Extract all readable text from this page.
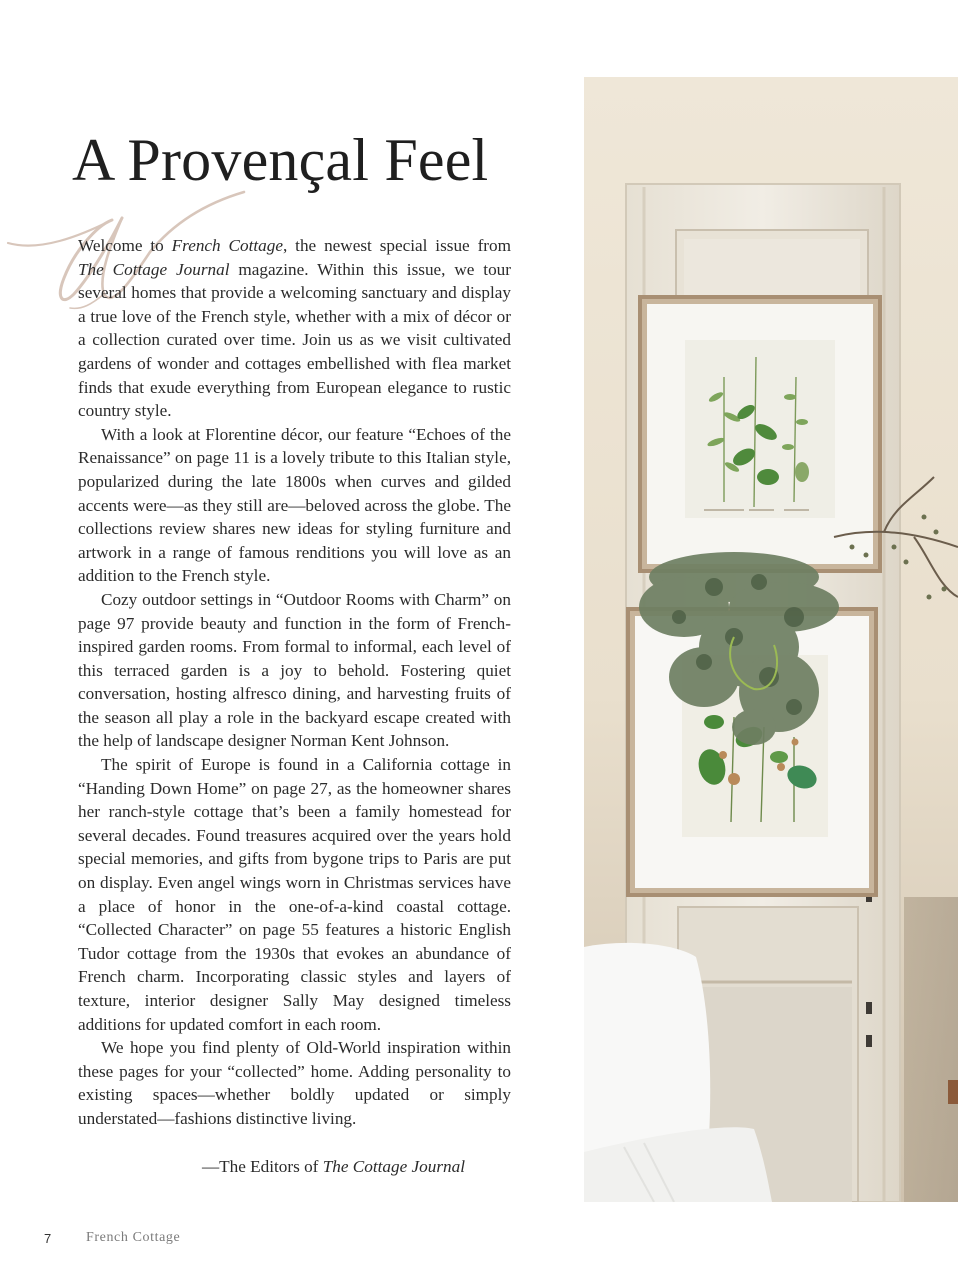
A Provençal Feel

Welcome to French Cottage, the newest special issue from The Cottage Journal magazine. Within this issue, we tour several homes that provide a welcoming sanctuary and display a true love of the French style, whether with a mix of décor or a collection curated over time. Join us as we visit cultivated gardens of wonder and cottages embellished with flea market finds that exude everything from European elegance to rustic country style.

With a look at Florentine décor, our feature “Echoes of the Renaissance” on page 11 is a lovely tribute to this Italian style, popularized during the late 1800s when curves and gilded accents were—as they still are—beloved across the globe. The collections review shares new ideas for styling furniture and artwork in a range of famous renditions you will love as an addition to the French style.

Cozy outdoor settings in “Outdoor Rooms with Charm” on page 97 provide beauty and function in the form of French-inspired garden rooms. From formal to informal, each level of this terraced garden is a joy to behold. Fostering quiet conversation, hosting alfresco dining, and harvesting fruits of the season all play a role in the backyard escape created with the help of landscape designer Norman Kent Johnson.

The spirit of Europe is found in a California cottage in “Handing Down Home” on page 27, as the homeowner shares her ranch-style cottage that’s been a family homestead for several decades. Found treasures acquired over the years hold special memories, and gifts from bygone trips to Paris are put on display. Even angel wings worn in Christmas services have a place of honor in the one-of-a-kind coastal cottage. “Collected Character” on page 55 features a historic English Tudor cottage from the 1930s that evokes an abundance of French charm. Incorporating classic styles and layers of texture, interior designer Sally May designed timeless additions for updated comfort in each room.

We hope you find plenty of Old-World inspiration within these pages for your “collected” home. Adding personality to existing spaces—whether boldly updated or simply understated—fashions distinctive living.

—The Editors of The Cottage Journal
7	French Cottage
